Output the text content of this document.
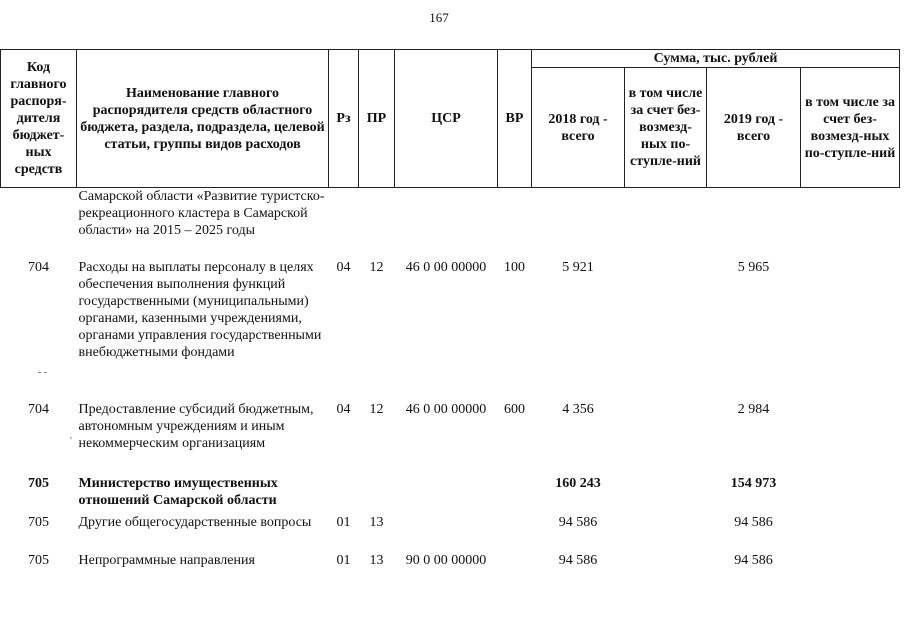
167
Код главного распоря-дителя бюджет-ных средств	Наименование главного распорядителя средств областного бюджета, раздела, подраздела, целевой статьи, группы видов расходов	Рз	ПР	ЦСР	ВР	Сумма, тыс. рублей			
						2018 год - всего	в том числе за счет без-возмезд-ных по-ступле-ний	2019 год - всего	в том числе за счет без-возмезд-ных по-ступле-ний
	Самарской области «Развитие туристско-рекреационного кластера в Самарской области» на 2015 – 2025 годы								
704	Расходы на выплаты персоналу в целях обеспечения выполнения функций государственными (муниципальными) органами, казенными учреждениями, органами управления государственными внебюджетными фондами	04	12	46 0 00 00000	100	5 921		5 965	
704	Предоставление субсидий бюджетным, автономным учреждениям и иным некоммерческим организациям	04	12	46 0 00 00000	600	4 356		2 984	
705	Министерство имущественных отношений Самарской области					160 243		154 973	
705	Другие общегосударственные вопросы	01	13			94 586		94 586	
705	Непрограммные направления	01	13	90 0 00 00000		94 586		94 586	
- -
'
